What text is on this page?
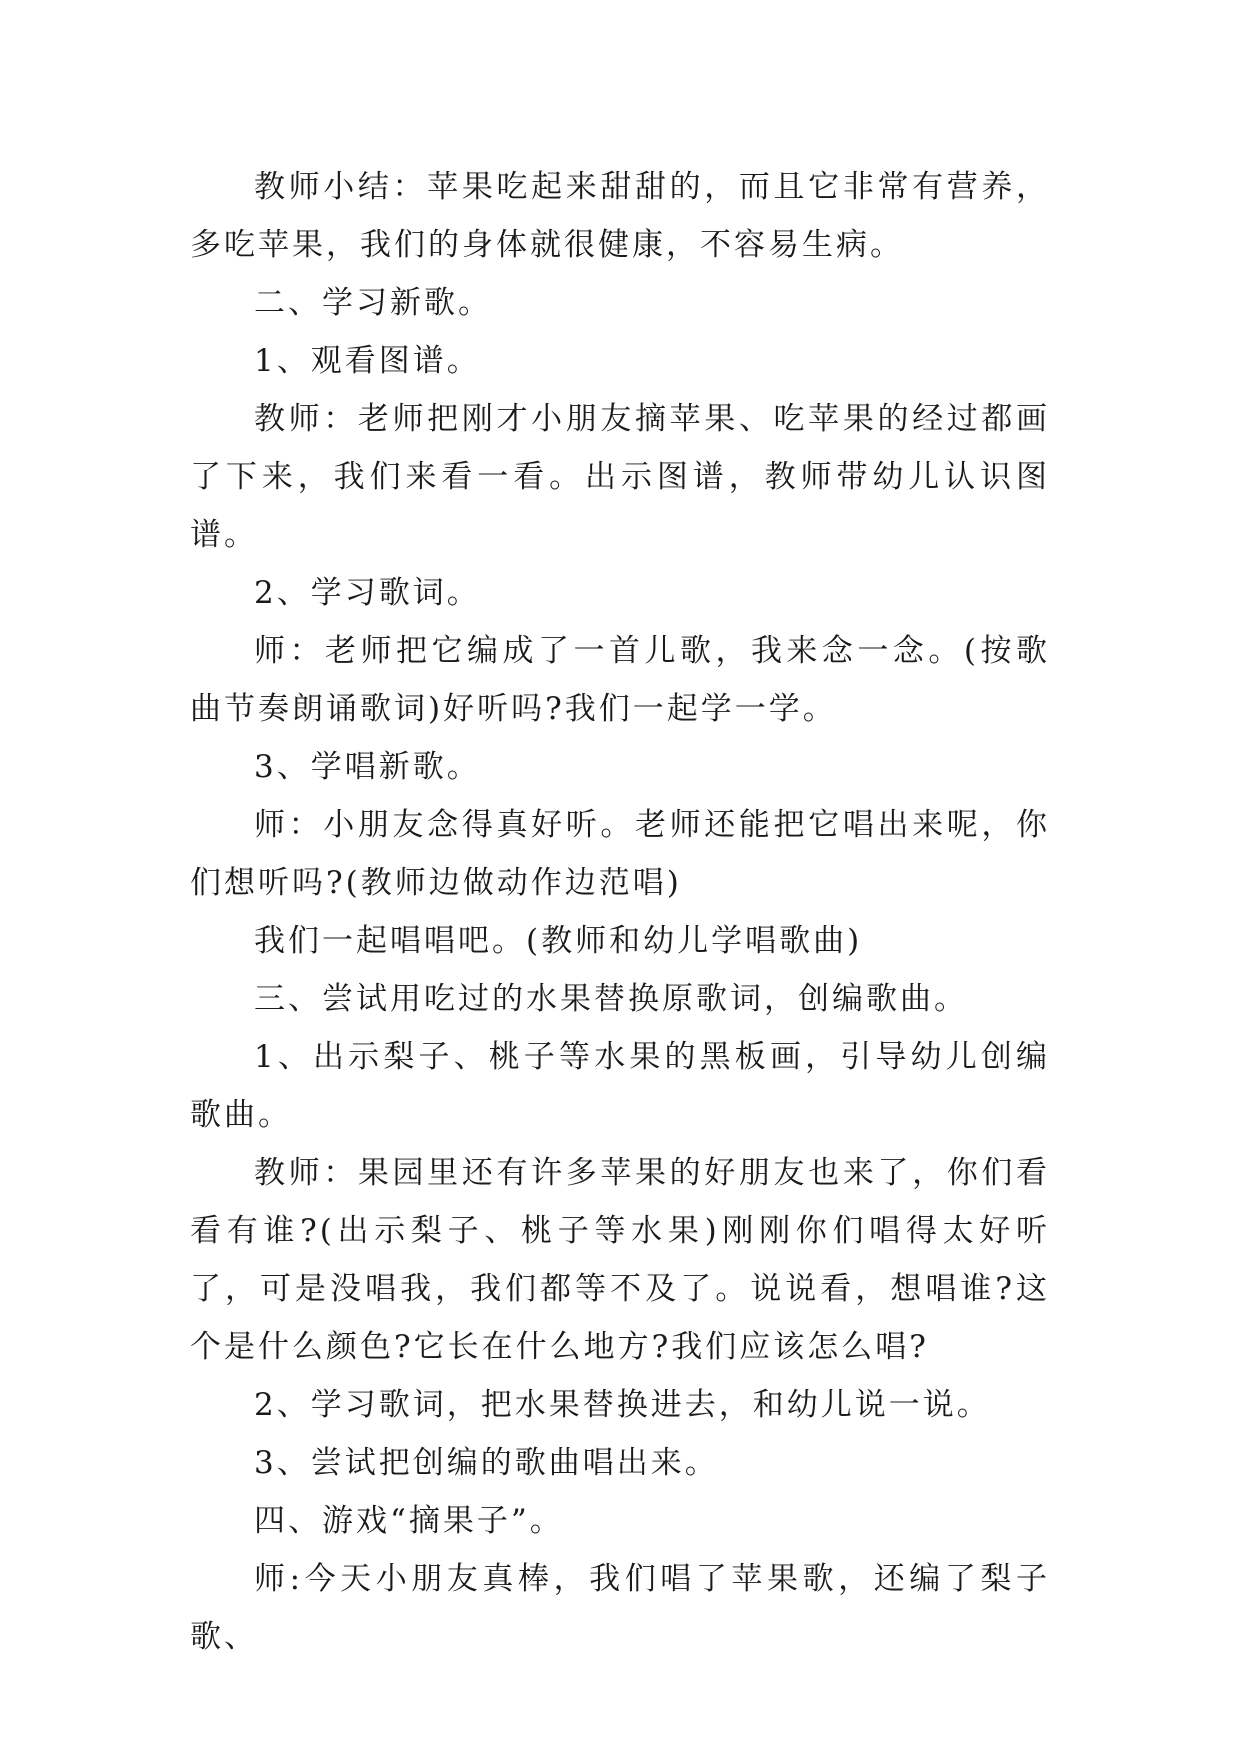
教师小结：苹果吃起来甜甜的，而且它非常有营养，多吃苹果，我们的身体就很健康，不容易生病。

二、学习新歌。

1、观看图谱。

教师：老师把刚才小朋友摘苹果、吃苹果的经过都画了下来，我们来看一看。出示图谱，教师带幼儿认识图谱。

2、学习歌词。

师：老师把它编成了一首儿歌，我来念一念。(按歌曲节奏朗诵歌词)好听吗?我们一起学一学。

3、学唱新歌。

师：小朋友念得真好听。老师还能把它唱出来呢，你们想听吗?(教师边做动作边范唱)

我们一起唱唱吧。(教师和幼儿学唱歌曲)

三、尝试用吃过的水果替换原歌词，创编歌曲。

1、出示梨子、桃子等水果的黑板画，引导幼儿创编歌曲。

教师：果园里还有许多苹果的好朋友也来了，你们看看有谁?(出示梨子、桃子等水果)刚刚你们唱得太好听了，可是没唱我，我们都等不及了。说说看，想唱谁?这个是什么颜色?它长在什么地方?我们应该怎么唱?

2、学习歌词，把水果替换进去，和幼儿说一说。

3、尝试把创编的歌曲唱出来。

四、游戏“摘果子”。

师:今天小朋友真棒，我们唱了苹果歌，还编了梨子歌、
